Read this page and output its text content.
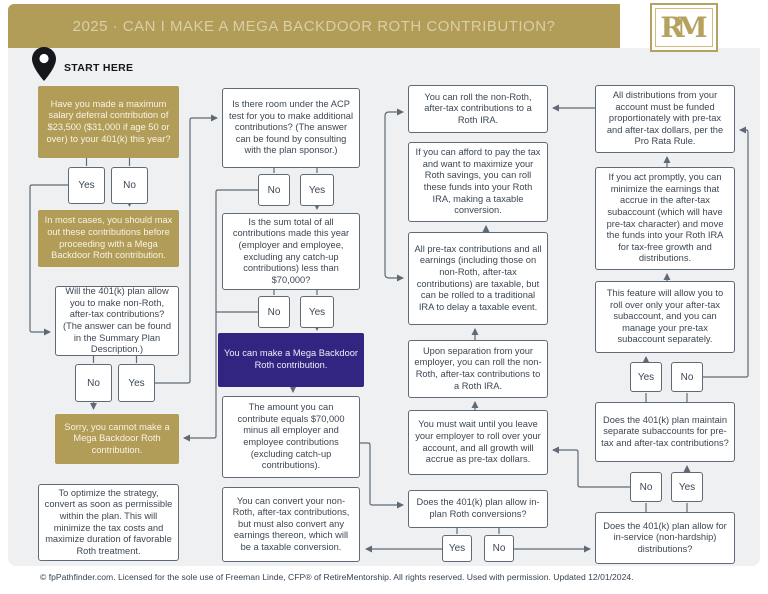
2025 · CAN I MAKE A MEGA BACKDOOR ROTH CONTRIBUTION?	RM
START HERE
Have you made a maximum salary deferral contribution of $23,500 ($31,000 if age 50 or over) to your 401(k) this year?
Yes	No
In most cases, you should max out these contributions before proceeding with a Mega Backdoor Roth contribution.
Will the 401(k) plan allow you to make non-Roth, after-tax contributions? (The answer can be found in the Summary Plan Description.)
No	Yes
Sorry, you cannot make a Mega Backdoor Roth contribution.
To optimize the strategy, convert as soon as permissible within the plan. This will minimize the tax costs and maximize duration of favorable Roth treatment.
Is there room under the ACP test for you to make additional contributions? (The answer can be found by consulting with the plan sponsor.)
No	Yes
Is the sum total of all contributions made this year (employer and employee, excluding any catch-up contributions) less than $70,000?
No	Yes
You can make a Mega Backdoor Roth contribution.
The amount you can contribute equals $70,000 minus all employer and employee contributions (excluding catch-up contributions).
You can convert your non-Roth, after-tax contributions, but must also convert any earnings thereon, which will be a taxable conversion.
You can roll the non-Roth, after-tax contributions to a Roth IRA.
If you can afford to pay the tax and want to maximize your Roth savings, you can roll these funds into your Roth IRA, making a taxable conversion.
All pre-tax contributions and all earnings (including those on non-Roth, after-tax contributions) are taxable, but can be rolled to a traditional IRA to delay a taxable event.
Upon separation from your employer, you can roll the non-Roth, after-tax contributions to a Roth IRA.
You must wait until you leave your employer to roll over your account, and all growth will accrue as pre-tax dollars.
Does the 401(k) plan allow in-plan Roth conversions?
Yes	No
All distributions from your account must be funded proportionately with pre-tax and after-tax dollars, per the Pro Rata Rule.
If you act promptly, you can minimize the earnings that accrue in the after-tax subaccount (which will have pre-tax character) and move the funds into your Roth IRA for tax-free growth and distributions.
This feature will allow you to roll over only your after-tax subaccount, and you can manage your pre-tax subaccount separately.
Yes	No
Does the 401(k) plan maintain separate subaccounts for pre-tax and after-tax contributions?
No	Yes
Does the 401(k) plan allow for in-service (non-hardship) distributions?
© fpPathfinder.com. Licensed for the sole use of Freeman Linde, CFP® of RetireMentorship. All rights reserved. Used with permission. Updated 12/01/2024.
